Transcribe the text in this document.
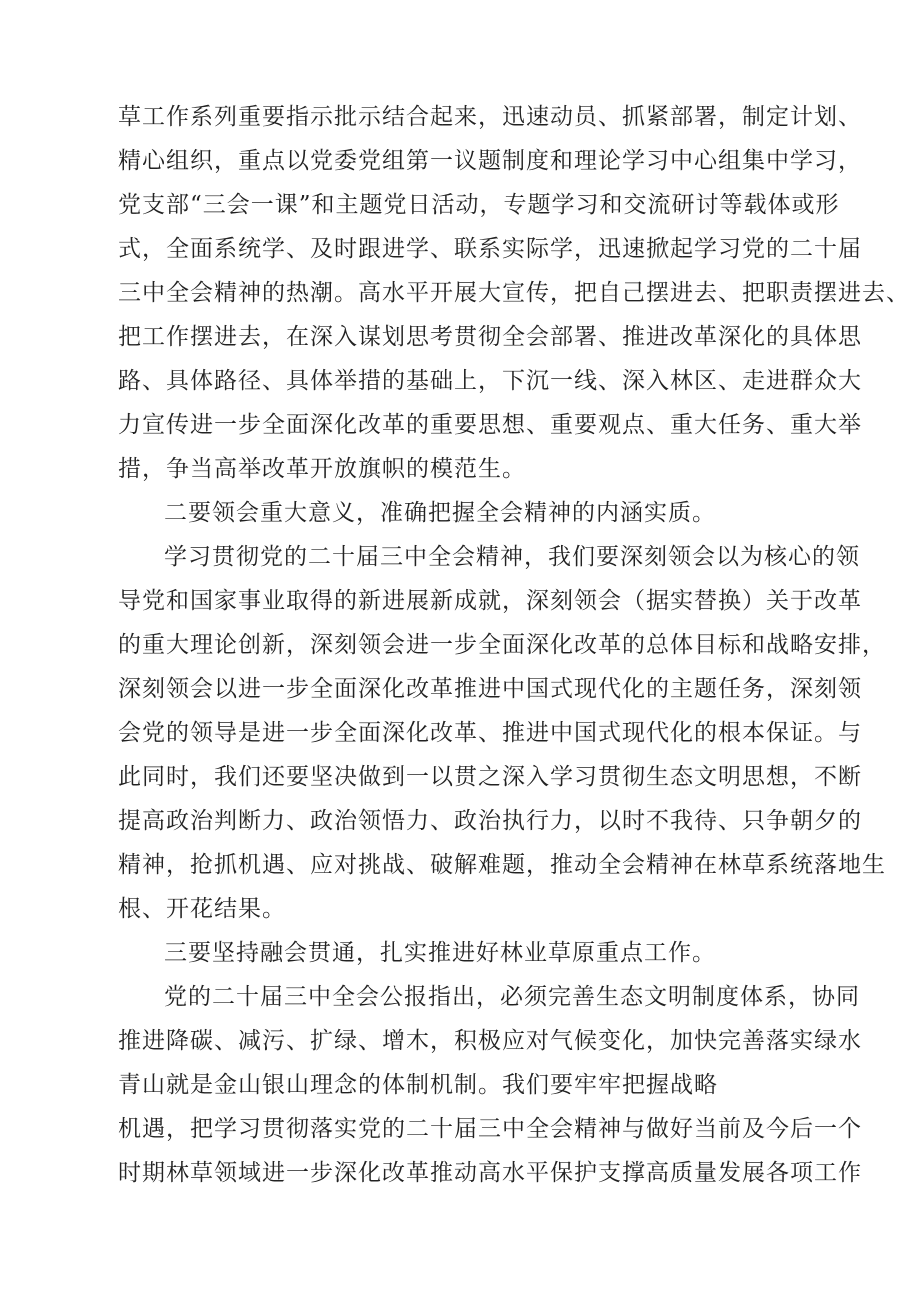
草工作系列重要指示批示结合起来，迅速动员、抓紧部署，制定计划、
精心组织，重点以党委党组第一议题制度和理论学习中心组集中学习，
党支部“三会一课”和主题党日活动，专题学习和交流研讨等载体或形
式，全面系统学、及时跟进学、联系实际学，迅速掀起学习党的二十届
三中全会精神的热潮。高水平开展大宣传，把自己摆进去、把职责摆进去、
把工作摆进去，在深入谋划思考贯彻全会部署、推进改革深化的具体思
路、具体路径、具体举措的基础上，下沉一线、深入林区、走进群众大
力宣传进一步全面深化改革的重要思想、重要观点、重大任务、重大举
措，争当高举改革开放旗帜的模范生。
二要领会重大意义，准确把握全会精神的内涵实质。
学习贯彻党的二十届三中全会精神，我们要深刻领会以为核心的领
导党和国家事业取得的新进展新成就，深刻领会（据实替换）关于改革
的重大理论创新，深刻领会进一步全面深化改革的总体目标和战略安排，
深刻领会以进一步全面深化改革推进中国式现代化的主题任务，深刻领
会党的领导是进一步全面深化改革、推进中国式现代化的根本保证。与
此同时，我们还要坚决做到一以贯之深入学习贯彻生态文明思想，不断
提高政治判断力、政治领悟力、政治执行力，以时不我待、只争朝夕的
精神，抢抓机遇、应对挑战、破解难题，推动全会精神在林草系统落地生
根、开花结果。
三要坚持融会贯通，扎实推进好林业草原重点工作。
党的二十届三中全会公报指出，必须完善生态文明制度体系，协同
推进降碳、减污、扩绿、增木，积极应对气候变化，加快完善落实绿水
青山就是金山银山理念的体制机制。我们要牢牢把握战略
机遇，把学习贯彻落实党的二十届三中全会精神与做好当前及今后一个
时期林草领域进一步深化改革推动高水平保护支撑高质量发展各项工作
